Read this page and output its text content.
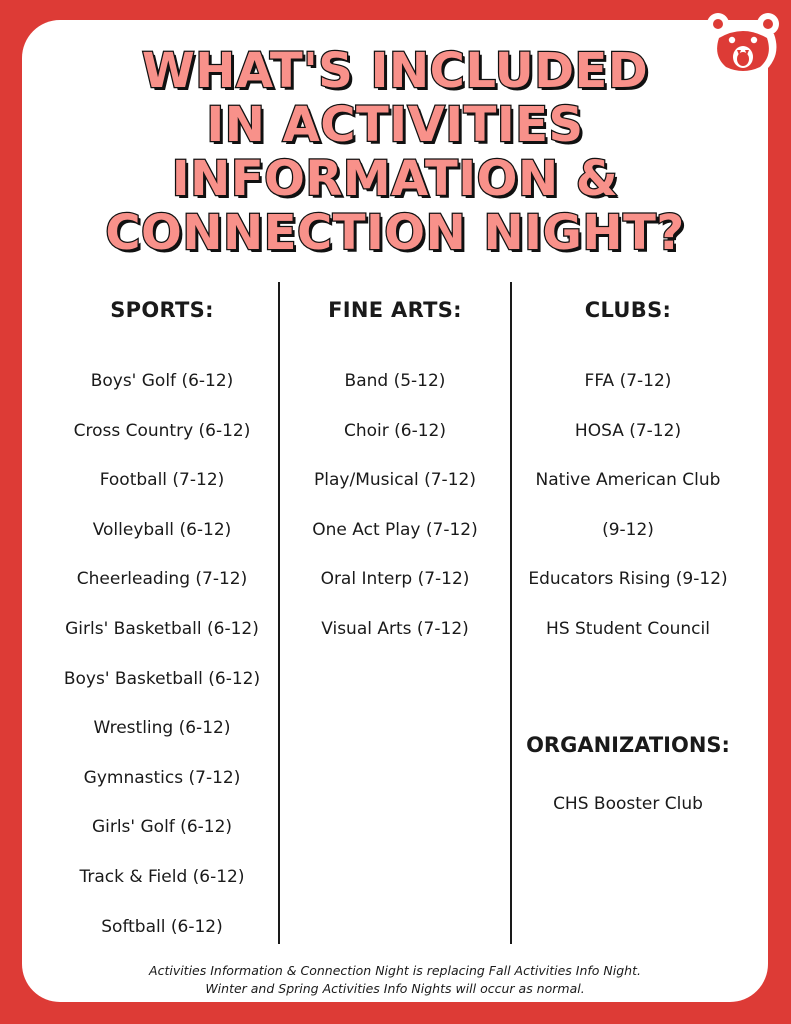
WHAT'S INCLUDED
IN ACTIVITIES
INFORMATION &
CONNECTION NIGHT?
SPORTS:
Boys' Golf (6-12)
Cross Country (6-12)
Football (7-12)
Volleyball (6-12)
Cheerleading (7-12)
Girls' Basketball (6-12)
Boys' Basketball (6-12)
Wrestling (6-12)
Gymnastics (7-12)
Girls' Golf (6-12)
Track & Field (6-12)
Softball (6-12)
FINE ARTS:
Band (5-12)
Choir (6-12)
Play/Musical (7-12)
One Act Play (7-12)
Oral Interp (7-12)
Visual Arts (7-12)
CLUBS:
FFA (7-12)
HOSA (7-12)
Native American Club
(9-12)
Educators Rising (9-12)
HS Student Council
ORGANIZATIONS:
CHS Booster Club
Activities Information & Connection Night is replacing Fall Activities Info Night.
Winter and Spring Activities Info Nights will occur as normal.
